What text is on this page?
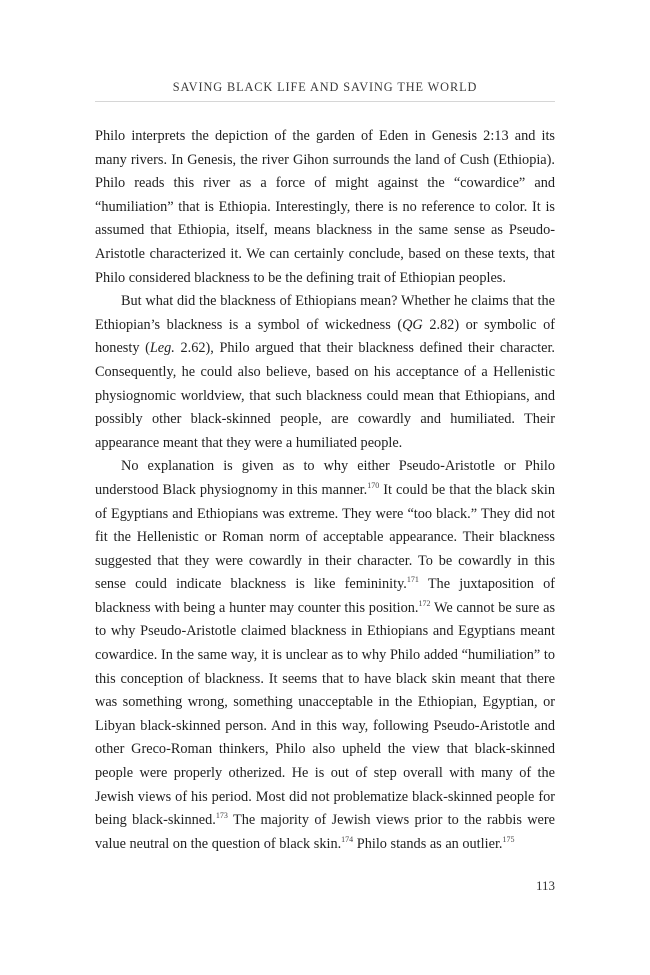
SAVING BLACK LIFE AND SAVING THE WORLD

Philo interprets the depiction of the garden of Eden in Genesis 2:13 and its many rivers. In Genesis, the river Gihon surrounds the land of Cush (Ethiopia). Philo reads this river as a force of might against the “cowardice” and “humiliation” that is Ethiopia. Interestingly, there is no reference to color. It is assumed that Ethiopia, itself, means blackness in the same sense as Pseudo-Aristotle characterized it. We can certainly conclude, based on these texts, that Philo considered blackness to be the defining trait of Ethiopian peoples.

But what did the blackness of Ethiopians mean? Whether he claims that the Ethiopian’s blackness is a symbol of wickedness (QG 2.82) or symbolic of honesty (Leg. 2.62), Philo argued that their blackness defined their character. Consequently, he could also believe, based on his acceptance of a Hellenistic physiognomic worldview, that such blackness could mean that Ethiopians, and possibly other black-skinned people, are cowardly and humiliated. Their appearance meant that they were a humiliated people.

No explanation is given as to why either Pseudo-Aristotle or Philo understood Black physiognomy in this manner.$^{170}$ It could be that the black skin of Egyptians and Ethiopians was extreme. They were “too black.” They did not fit the Hellenistic or Roman norm of acceptable appearance. Their blackness suggested that they were cowardly in their character. To be cowardly in this sense could indicate blackness is like femininity.$^{171}$ The juxtaposition of blackness with being a hunter may counter this position.$^{172}$ We cannot be sure as to why Pseudo-Aristotle claimed blackness in Ethiopians and Egyptians meant cowardice. In the same way, it is unclear as to why Philo added “humiliation” to this conception of blackness. It seems that to have black skin meant that there was something wrong, something unacceptable in the Ethiopian, Egyptian, or Libyan black-skinned person. And in this way, following Pseudo-Aristotle and other Greco-Roman thinkers, Philo also upheld the view that black-skinned people were properly otherized. He is out of step overall with many of the Jewish views of his period. Most did not problematize black-skinned people for being black-skinned.$^{173}$ The majority of Jewish views prior to the rabbis were value neutral on the question of black skin.$^{174}$ Philo stands as an outlier.$^{175}$

113
